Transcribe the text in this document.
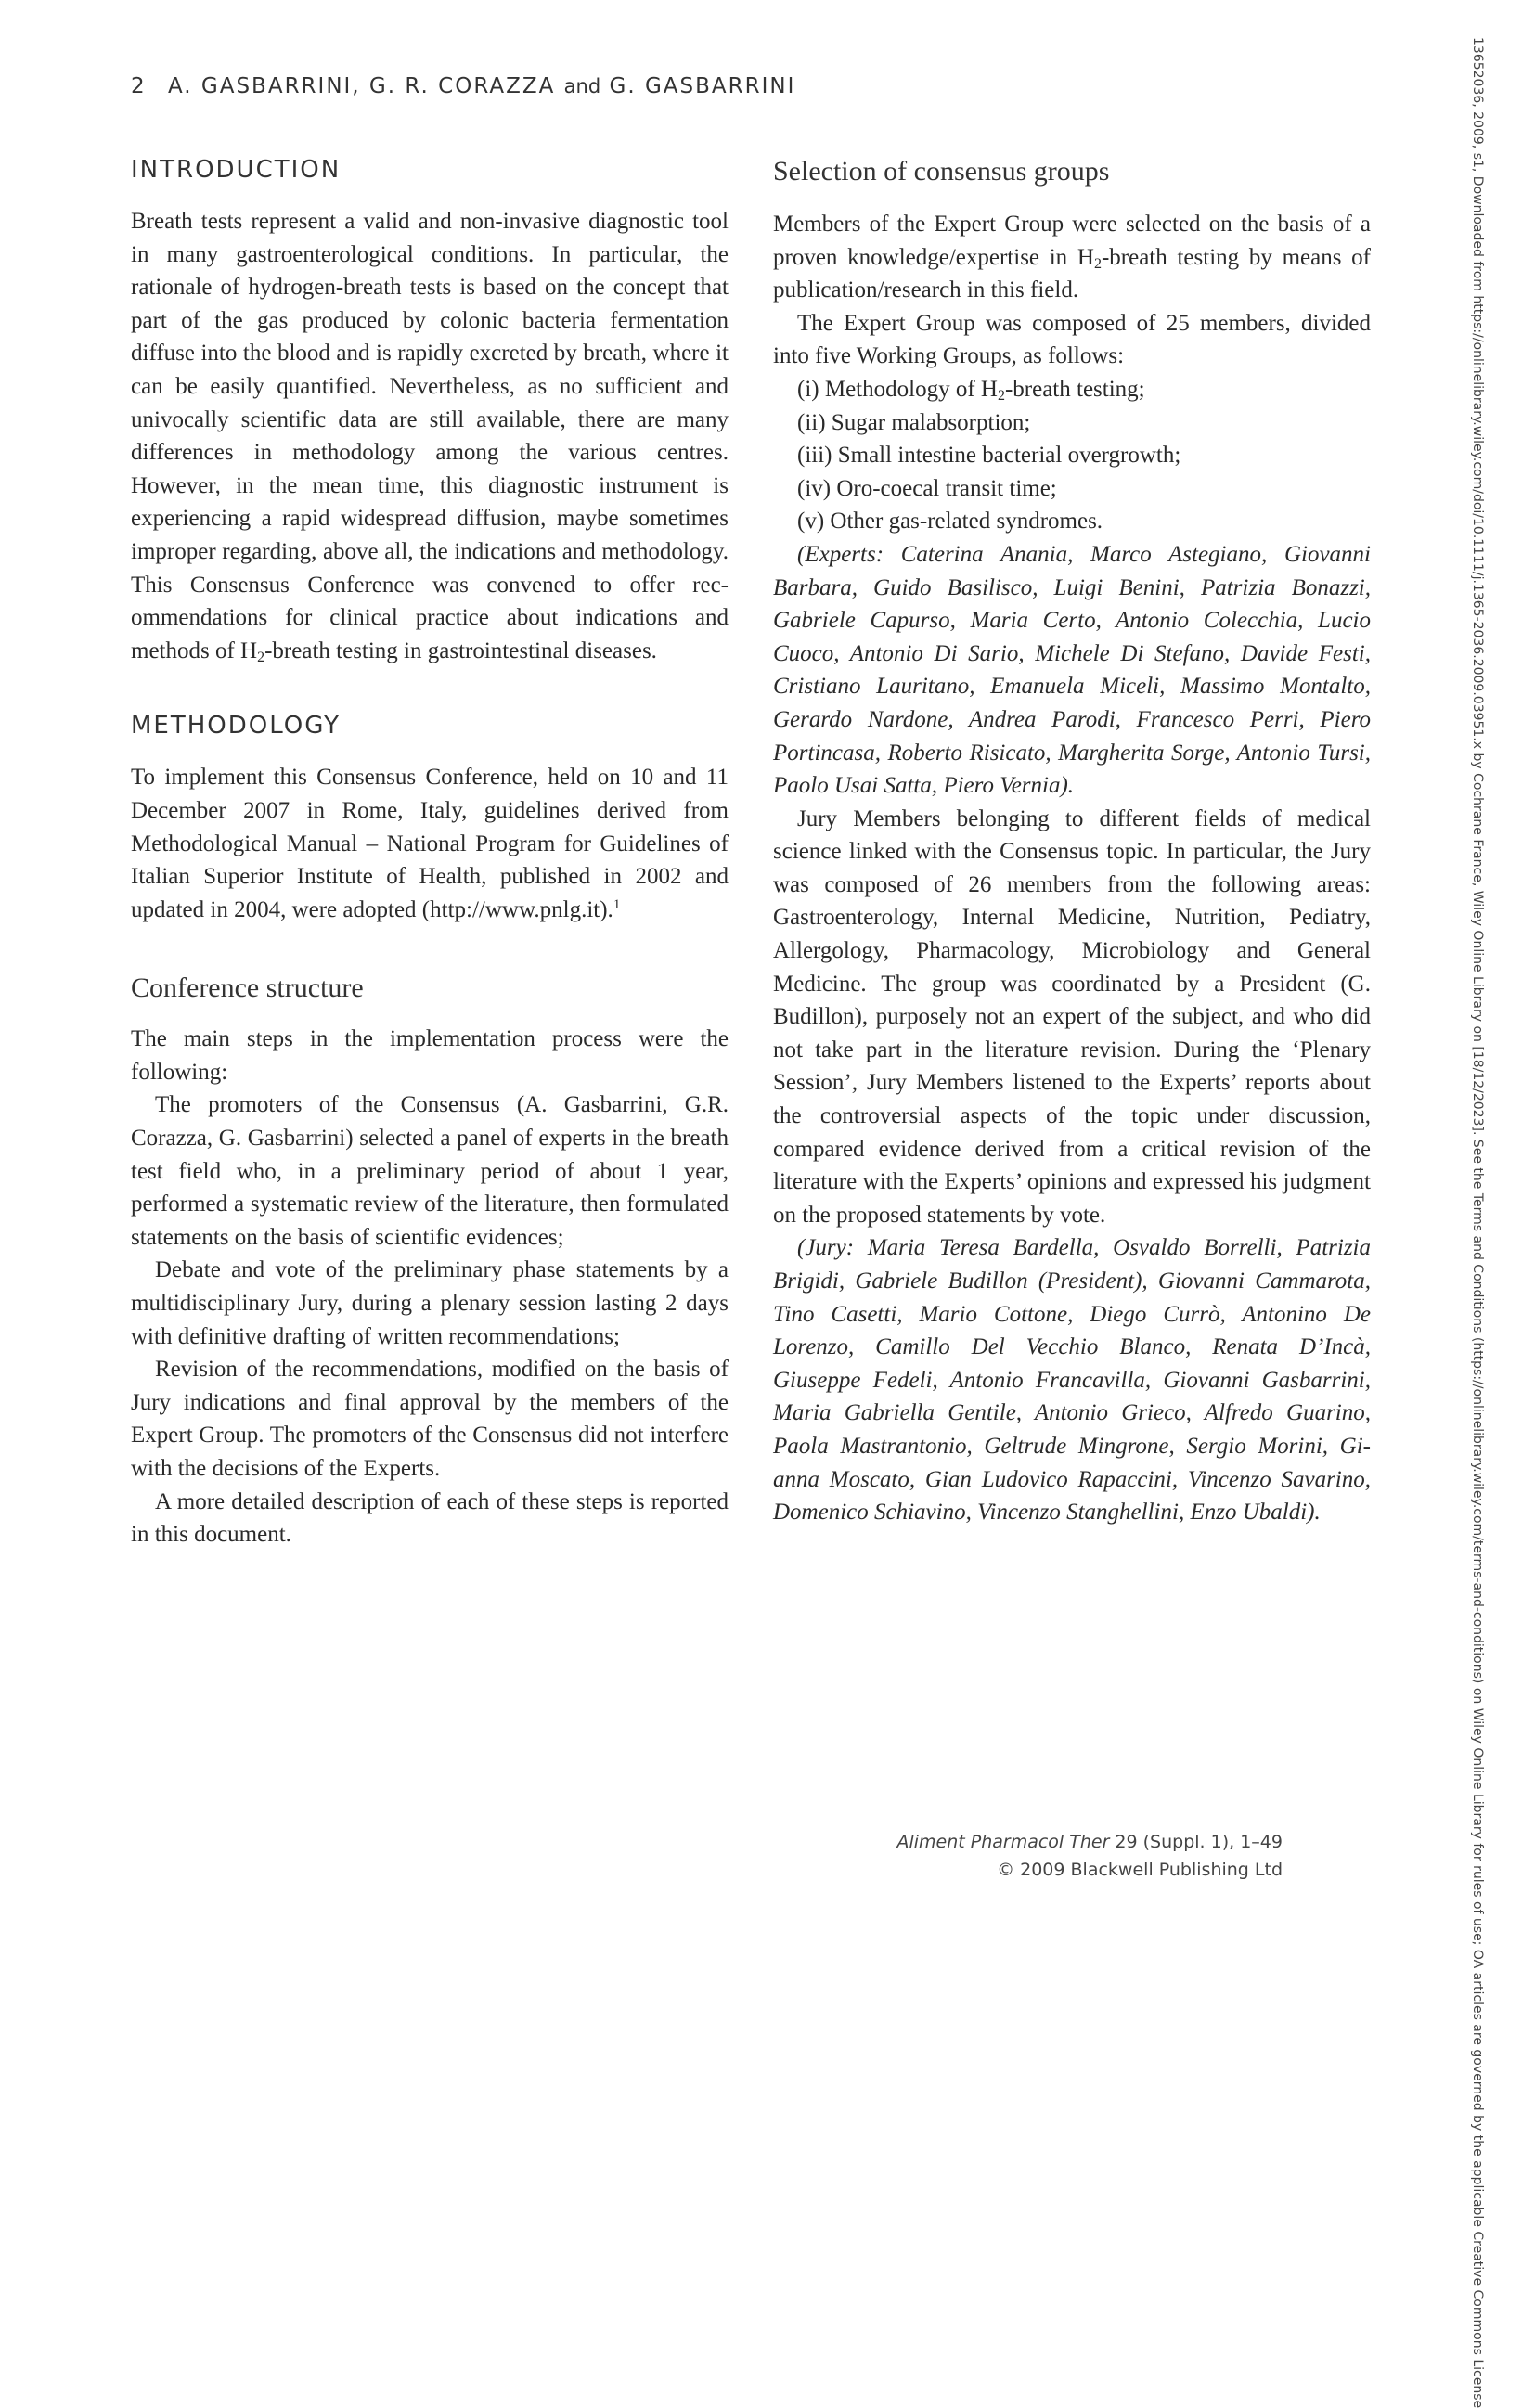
2 A. GASBARRINI, G. R. CORAZZA and G. GASBARRINI
INTRODUCTION

Breath tests represent a valid and non-invasive diagnostic tool in many gastroenterological conditions. In particular, the rationale of hydrogen-breath tests is based on the concept that part of the gas produced by colonic bacteria fermentation diffuse into the blood and is rapidly excreted by breath, where it can be easily quantified. Nevertheless, as no sufficient and univocally scientific data are still available, there are many differences in methodology among the various centres. However, in the mean time, this diagnostic instrument is experiencing a rapid widespread diffusion, maybe sometimes improper regarding, above all, the indications and methodology. This Consensus Conference was convened to offer recommendations for clinical practice about indications and methods of $H_2$-breath testing in gastrointestinal diseases.

METHODOLOGY

To implement this Consensus Conference, held on 10 and 11 December 2007 in Rome, Italy, guidelines derived from Methodological Manual – National Program for Guidelines of Italian Superior Institute of Health, published in 2002 and updated in 2004, were adopted (http://www.pnlg.it).$^1$

Conference structure

The main steps in the implementation process were the following:

The promoters of the Consensus (A. Gasbarrini, G.R. Corazza, G. Gasbarrini) selected a panel of experts in the breath test field who, in a preliminary period of about 1 year, performed a systematic review of the literature, then formulated statements on the basis of scientific evidences;

Debate and vote of the preliminary phase statements by a multidisciplinary Jury, during a plenary session lasting 2 days with definitive drafting of written recommendations;

Revision of the recommendations, modified on the basis of Jury indications and final approval by the members of the Expert Group. The promoters of the Consensus did not interfere with the decisions of the Experts.

A more detailed description of each of these steps is reported in this document.

Selection of consensus groups

Members of the Expert Group were selected on the basis of a proven knowledge/expertise in $H_2$-breath testing by means of publication/research in this field.

The Expert Group was composed of 25 members, divided into five Working Groups, as follows:

(i) Methodology of $H_2$-breath testing;
(ii) Sugar malabsorption;
(iii) Small intestine bacterial overgrowth;
(iv) Oro-coecal transit time;
(v) Other gas-related syndromes.

(Experts: Caterina Anania, Marco Astegiano, Giovanni Barbara, Guido Basilisco, Luigi Benini, Patrizia Bonazzi, Gabriele Capurso, Maria Certo, Antonio Colecchia, Lucio Cuoco, Antonio Di Sario, Michele Di Stefano, Davide Festi, Cristiano Lauritano, Emanuela Miceli, Massimo Montalto, Gerardo Nardone, Andrea Parodi, Francesco Perri, Piero Portincasa, Roberto Risicato, Margherita Sorge, Antonio Tursi, Paolo Usai Satta, Piero Vernia).

Jury Members belonging to different fields of medical science linked with the Consensus topic. In particular, the Jury was composed of 26 members from the following areas: Gastroenterology, Internal Medicine, Nutrition, Pediatry, Allergology, Pharmacology, Microbiology and General Medicine. The group was coordinated by a President (G. Budillon), purposely not an expert of the subject, and who did not take part in the literature revision. During the ‘Plenary Session’, Jury Members listened to the Experts’ reports about the controversial aspects of the topic under discussion, compared evidence derived from a critical revision of the literature with the Experts’ opinions and expressed his judgment on the proposed statements by vote.

(Jury: Maria Teresa Bardella, Osvaldo Borrelli, Patrizia Brigidi, Gabriele Budillon (President), Giovanni Cammarota, Tino Casetti, Mario Cottone, Diego Currò, Antonino De Lorenzo, Camillo Del Vecchio Blanco, Renata D’Incà, Giuseppe Fedeli, Antonio Francavilla, Giovanni Gasbarrini, Maria Gabriella Gentile, Antonio Grieco, Alfredo Guarino, Paola Mastrantonio, Geltrude Mingrone, Sergio Morini, Gianna Moscato, Gian Ludovico Rapaccini, Vincenzo Savarino, Domenico Schiavino, Vincenzo Stanghellini, Enzo Ubaldi).

Aliment Pharmacol Ther 29 (Suppl. 1), 1–49
© 2009 Blackwell Publishing Ltd	13652036, 2009, s1, Downloaded from https://onlinelibrary.wiley.com/doi/10.1111/j.1365-2036.2009.03951.x by Cochrane France, Wiley Online Library on [18/12/2023]. See the Terms and Conditions (https://onlinelibrary.wiley.com/terms-and-conditions) on Wiley Online Library for rules of use; OA articles are governed by the applicable Creative Commons License
